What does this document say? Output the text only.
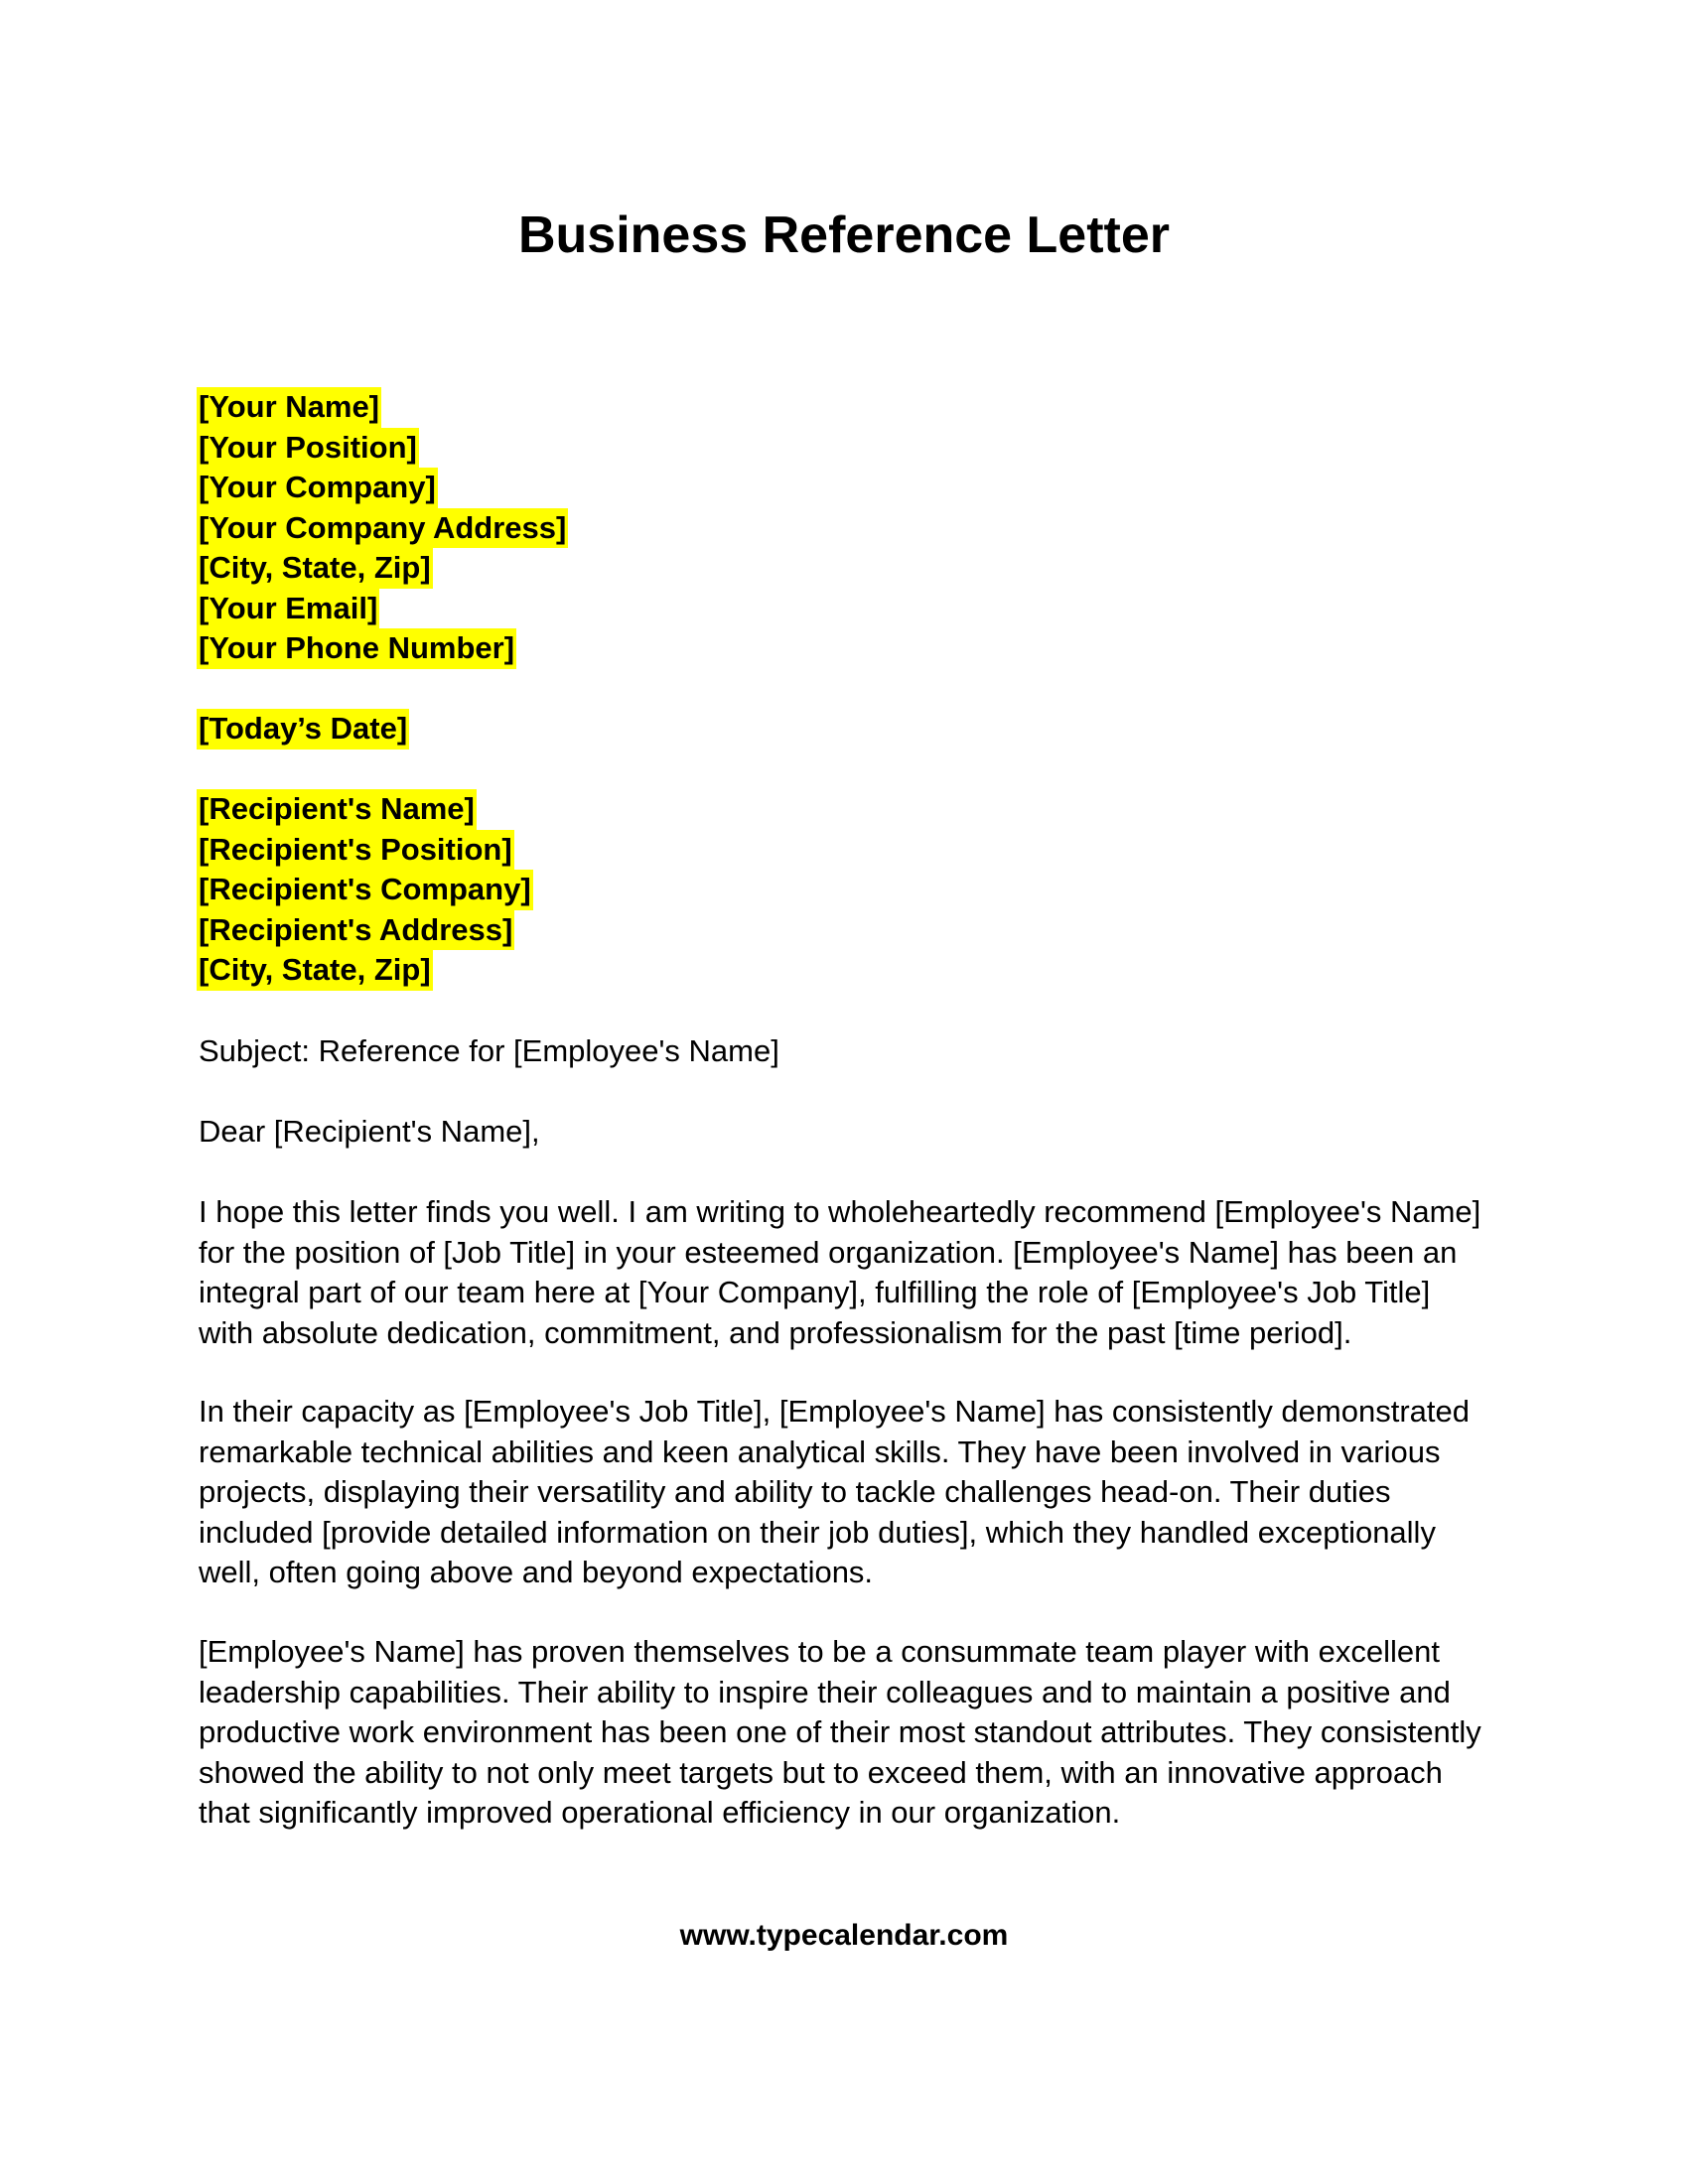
Business Reference Letter
[Your Name]
[Your Position]
[Your Company]
[Your Company Address]
[City, State, Zip]
[Your Email]
[Your Phone Number]
[Today’s Date]
[Recipient's Name]
[Recipient's Position]
[Recipient's Company]
[Recipient's Address]
[City, State, Zip]
Subject: Reference for [Employee's Name]
Dear [Recipient's Name],

I hope this letter finds you well. I am writing to wholeheartedly recommend [Employee's Name] for the position of [Job Title] in your esteemed organization. [Employee's Name] has been an integral part of our team here at [Your Company], fulfilling the role of [Employee's Job Title] with absolute dedication, commitment, and professionalism for the past [time period].

In their capacity as [Employee's Job Title], [Employee's Name] has consistently demonstrated remarkable technical abilities and keen analytical skills. They have been involved in various projects, displaying their versatility and ability to tackle challenges head-on. Their duties included [provide detailed information on their job duties], which they handled exceptionally well, often going above and beyond expectations.

[Employee's Name] has proven themselves to be a consummate team player with excellent leadership capabilities. Their ability to inspire their colleagues and to maintain a positive and productive work environment has been one of their most standout attributes. They consistently showed the ability to not only meet targets but to exceed them, with an innovative approach that significantly improved operational efficiency in our organization.

www.typecalendar.com
